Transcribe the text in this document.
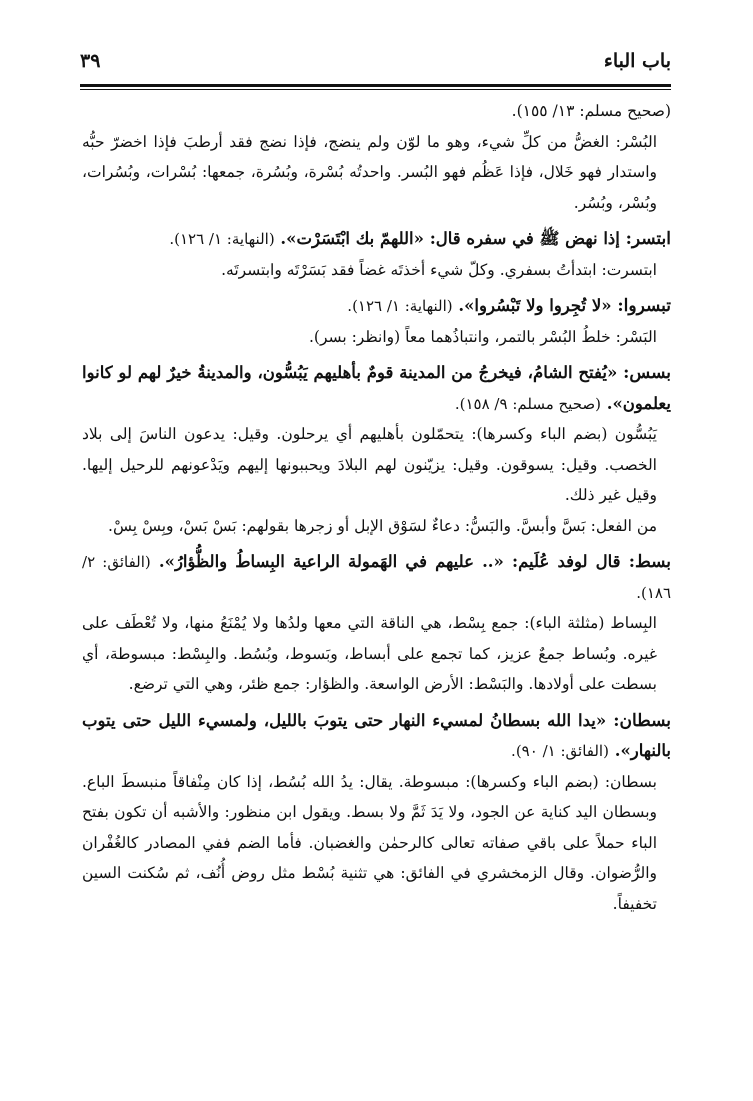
باب الباء
٣٩

(صحيح مسلم: ١٣/ ١٥٥).

البُسْر: الغضُّ من كلِّ شيء، وهو ما لوّن ولم ينضج، فإذا نضج فقد أرطبَ فإذا اخضرّ حبُّه واستدار فهو خَلال، فإذا عَظُم فهو البُسر. واحدتُه بُسْرة، وبُسُرة، جمعها: بُسْرات، وبُسُرات، وبُسْر، وبُسُر.

ابتسر: إذا نهض ﷺ في سفره قال: «اللهمّ بك ابْتَسَرْت». (النهاية: ١/ ١٢٦).

ابتسرت: ابتدأتُ بسفري. وكلّ شيء أخذتَه غضاً فقد بَسَرْتَه وابتسرتَه.

تبسروا: «لا تُجِروا ولا تَبْسُروا». (النهاية: ١/ ١٢٦).

البَسْر: خلطُ البُسْر بالتمر، وانتباذُهما معاً (وانظر: بسر).

بسس: «يُفتح الشامُ، فيخرجُ من المدينة قومٌ بأهليهم يَبُسُّون، والمدينةُ خيرٌ لهم لو كانوا يعلمون». (صحيح مسلم: ٩/ ١٥٨).

يَبُسُّون (بضم الباء وكسرها): يتحمّلون بأهليهم أي يرحلون. وقيل: يدعون الناسَ إلى بلاد الخصب. وقيل: يسوقون. وقيل: يزيّنون لهم البلادَ ويحببونها إليهم ويَدْعونهم للرحيل إليها. وقيل غير ذلك.

من الفعل: بَسَّ وأبسَّ. والبَسُّ: دعاءٌ لسَوْق الإبل أو زجرها بقولهم: بَسْ بَسْ، وبِسْ بِسْ.

بسط: قال لوفد عُلَيم: «.. عليهم في الهَمولة الراعية البِساطُ والظُّؤارُ». (الفائق: ٢/ ١٨٦).

البِساط (مثلثة الباء): جمع بِسْط، هي الناقة التي معها ولدُها ولا يُمْنَعُ منها، ولا تُعْطَف على غيره. وبُساط جمعٌ عزيز، كما تجمع على أبساط، وبَسوط، وبُسُط. والبِسْط: مبسوطة، أي بسطت على أولادها. والبَسْط: الأرض الواسعة. والظؤار: جمع ظئر، وهي التي ترضع.

بسطان: «يدا الله بسطانُ لمسيء النهار حتى يتوبَ بالليل، ولمسيء الليل حتى يتوب بالنهار». (الفائق: ١/ ٩٠).

بسطان: (بضم الباء وكسرها): مبسوطة. يقال: يدُ الله بُسُط، إذا كان مِنْفاقاً منبسطَ الباع. وبسطان اليد كناية عن الجود، ولا يَدَ ثَمَّ ولا بسط. ويقول ابن منظور: والأشبه أن تكون بفتح الباء حملاً على باقي صفاته تعالى كالرحمٰن والغضبان. فأما الضم ففي المصادر كالغُفْران والرُّضوان. وقال الزمخشري في الفائق: هي تثنية بُسْط مثل روض أُنُف، ثم سُكنت السين تخفيفاً.
